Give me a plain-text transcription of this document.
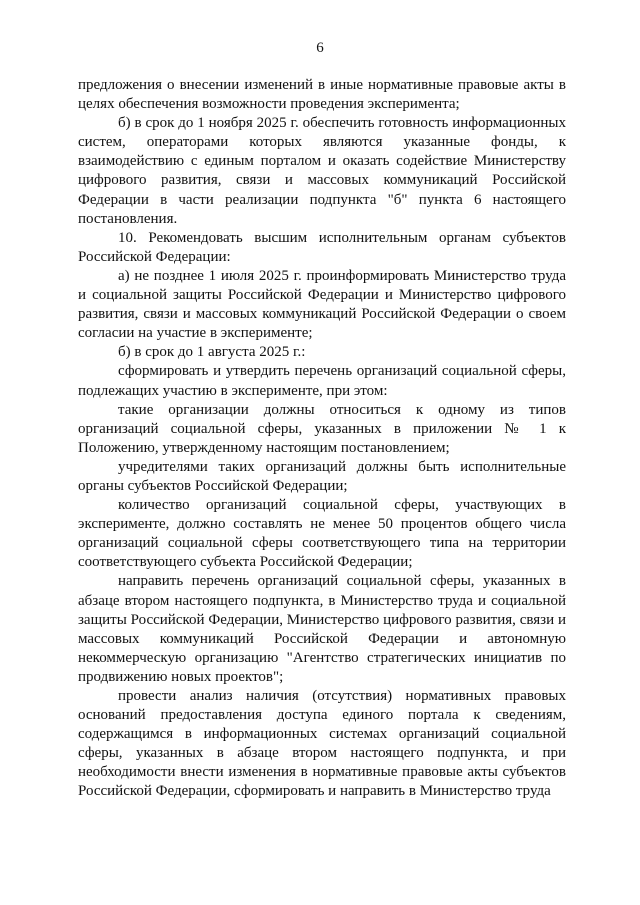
6

предложения о внесении изменений в иные нормативные правовые акты в целях обеспечения возможности проведения эксперимента;

б) в срок до 1 ноября 2025 г. обеспечить готовность информационных систем, операторами которых являются указанные фонды, к взаимодействию с единым порталом и оказать содействие Министерству цифрового развития, связи и массовых коммуникаций Российской Федерации в части реализации подпункта "б" пункта 6 настоящего постановления.

10. Рекомендовать высшим исполнительным органам субъектов Российской Федерации:

а) не позднее 1 июля 2025 г. проинформировать Министерство труда и социальной защиты Российской Федерации и Министерство цифрового развития, связи и массовых коммуникаций Российской Федерации о своем согласии на участие в эксперименте;

б) в срок до 1 августа 2025 г.:

сформировать и утвердить перечень организаций социальной сферы, подлежащих участию в эксперименте, при этом:

такие организации должны относиться к одному из типов организаций социальной сферы, указанных в приложении № 1 к Положению, утвержденному настоящим постановлением;

учредителями таких организаций должны быть исполнительные органы субъектов Российской Федерации;

количество организаций социальной сферы, участвующих в эксперименте, должно составлять не менее 50 процентов общего числа организаций социальной сферы соответствующего типа на территории соответствующего субъекта Российской Федерации;

направить перечень организаций социальной сферы, указанных в абзаце втором настоящего подпункта, в Министерство труда и социальной защиты Российской Федерации, Министерство цифрового развития, связи и массовых коммуникаций Российской Федерации и автономную некоммерческую организацию "Агентство стратегических инициатив по продвижению новых проектов";

провести анализ наличия (отсутствия) нормативных правовых оснований предоставления доступа единого портала к сведениям, содержащимся в информационных системах организаций социальной сферы, указанных в абзаце втором настоящего подпункта, и при необходимости внести изменения в нормативные правовые акты субъектов Российской Федерации, сформировать и направить в Министерство труда
